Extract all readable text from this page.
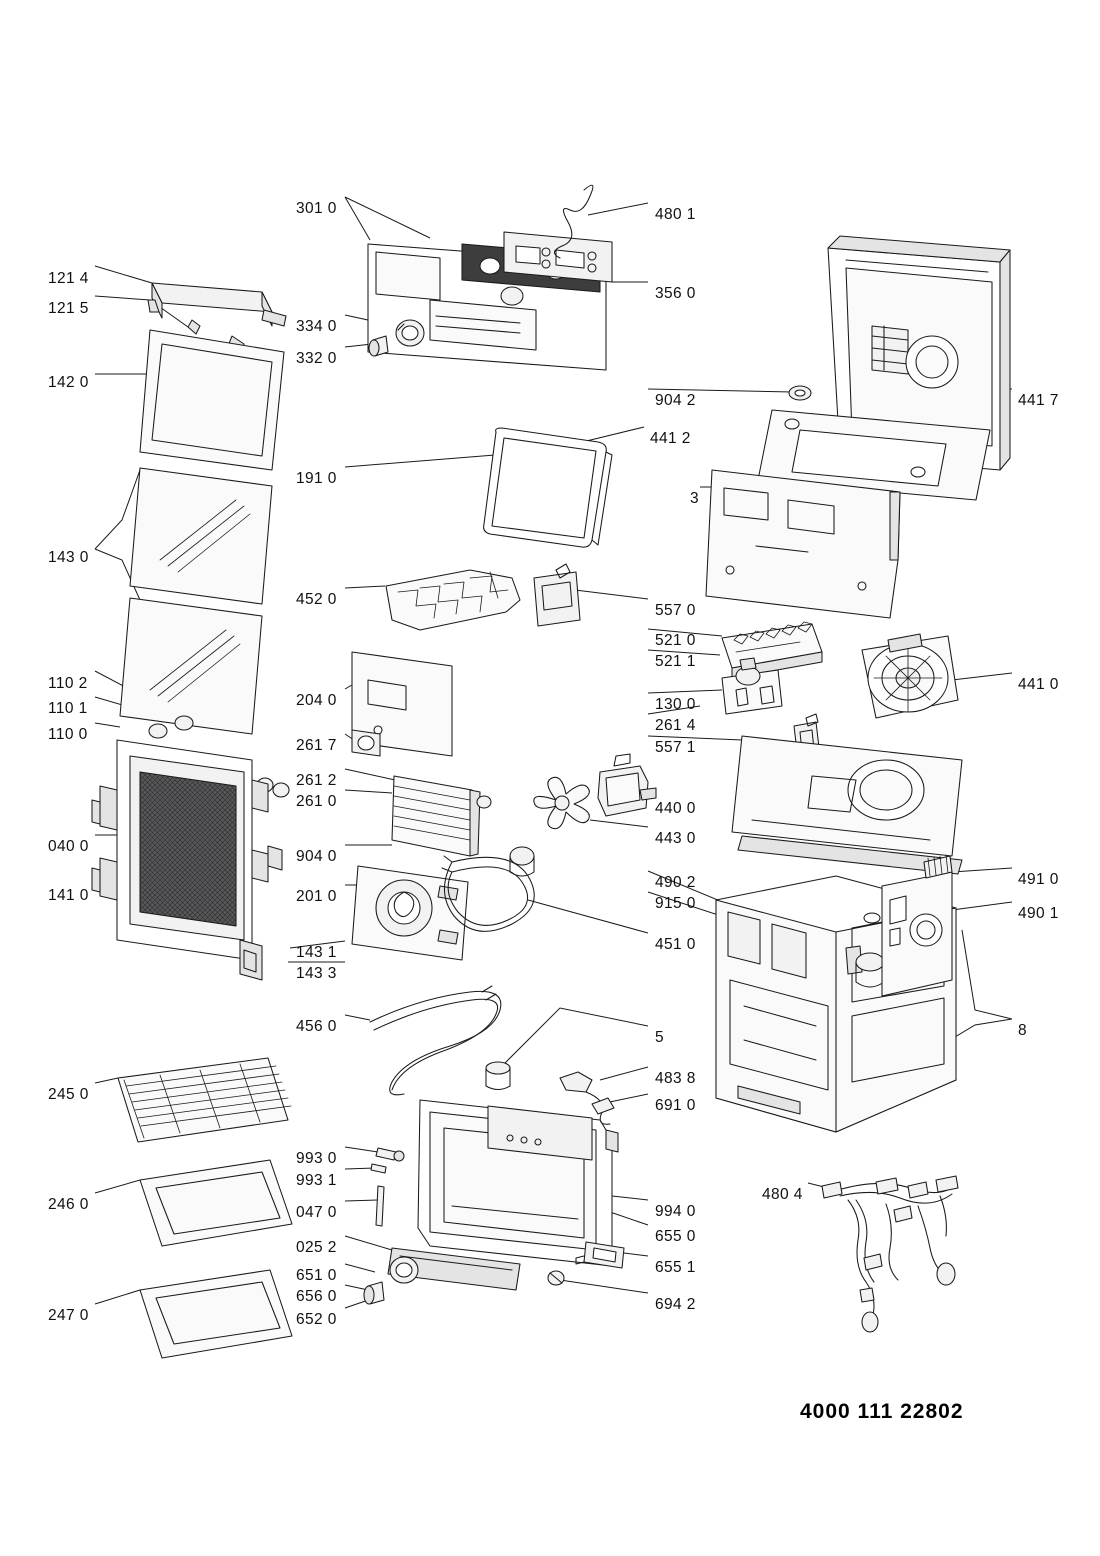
121 4
121 5
142 0
143 0
110 2
110 1
110 0
040 0
141 0
245 0
246 0
247 0
301 0
334 0
332 0
191 0
452 0
204 0
261 7
261 2
261 0
904 0
201 0
143 1
143 3
456 0
993 0
993 1
047 0
025 2
651 0
656 0
652 0
480 1
356 0
904 2
441 2
557 0
521 0
521 1
130 0
261 4
557 1
440 0
443 0
490 2
915 0
451 0
5
483 8
691 0
994 0
655 0
655 1
694 2
441 7
3
441 0
491 0
490 1
8
480 4
4000 111 22802
